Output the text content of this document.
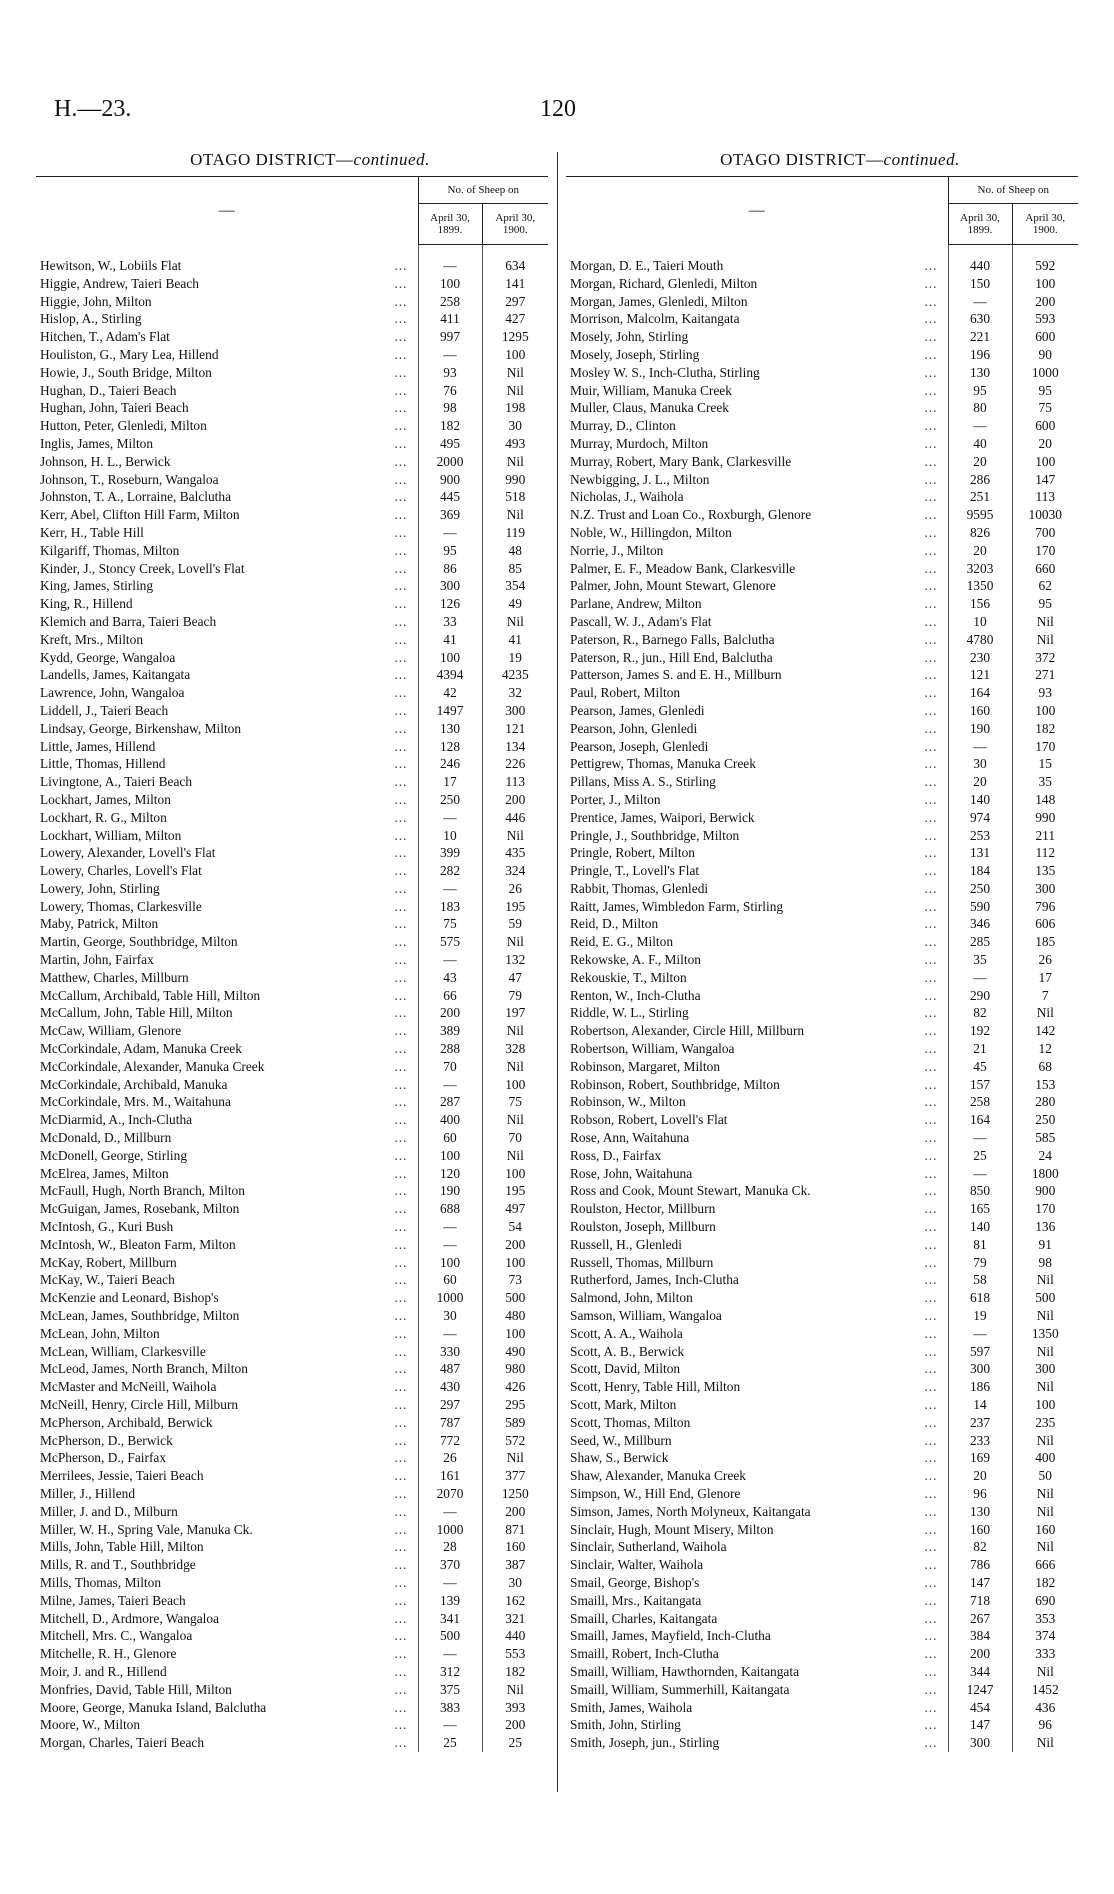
H.—23.	120
OTAGO DISTRICT—continued.
—	No. of Sheep on	
	April 30, 1899.	April 30, 1900.
Hewitson, W., Lobiils Flat ...	—	634
Higgie, Andrew, Taieri Beach ...	100	141
Higgie, John, Milton ...	258	297
Hislop, A., Stirling ...	411	427
Hitchen, T., Adam's Flat ...	997	1295
Houliston, G., Mary Lea, Hillend ...	—	100
Howie, J., South Bridge, Milton ...	93	Nil
Hughan, D., Taieri Beach ...	76	Nil
Hughan, John, Taieri Beach ...	98	198
Hutton, Peter, Glenledi, Milton ...	182	30
Inglis, James, Milton ...	495	493
Johnson, H. L., Berwick ...	2000	Nil
Johnson, T., Roseburn, Wangaloa ...	900	990
Johnston, T. A., Lorraine, Balclutha ...	445	518
Kerr, Abel, Clifton Hill Farm, Milton ...	369	Nil
Kerr, H., Table Hill ...	—	119
Kilgariff, Thomas, Milton ...	95	48
Kinder, J., Stoncy Creek, Lovell's Flat ...	86	85
King, James, Stirling ...	300	354
King, R., Hillend ...	126	49
Klemich and Barra, Taieri Beach ...	33	Nil
Kreft, Mrs., Milton ...	41	41
Kydd, George, Wangaloa ...	100	19
Landells, James, Kaitangata ...	4394	4235
Lawrence, John, Wangaloa ...	42	32
Liddell, J., Taieri Beach ...	1497	300
Lindsay, George, Birkenshaw, Milton ...	130	121
Little, James, Hillend ...	128	134
Little, Thomas, Hillend ...	246	226
Livingtone, A., Taieri Beach ...	17	113
Lockhart, James, Milton ...	250	200
Lockhart, R. G., Milton ...	—	446
Lockhart, William, Milton ...	10	Nil
Lowery, Alexander, Lovell's Flat ...	399	435
Lowery, Charles, Lovell's Flat ...	282	324
Lowery, John, Stirling ...	—	26
Lowery, Thomas, Clarkesville ...	183	195
Maby, Patrick, Milton ...	75	59
Martin, George, Southbridge, Milton ...	575	Nil
Martin, John, Fairfax ...	—	132
Matthew, Charles, Millburn ...	43	47
McCallum, Archibald, Table Hill, Milton ...	66	79
McCallum, John, Table Hill, Milton ...	200	197
McCaw, William, Glenore ...	389	Nil
McCorkindale, Adam, Manuka Creek ...	288	328
McCorkindale, Alexander, Manuka Creek ...	70	Nil
McCorkindale, Archibald, Manuka ...	—	100
McCorkindale, Mrs. M., Waitahuna ...	287	75
McDiarmid, A., Inch-Clutha ...	400	Nil
McDonald, D., Millburn ...	60	70
McDonell, George, Stirling ...	100	Nil
McElrea, James, Milton ...	120	100
McFaull, Hugh, North Branch, Milton ...	190	195
McGuigan, James, Rosebank, Milton ...	688	497
McIntosh, G., Kuri Bush ...	—	54
McIntosh, W., Bleaton Farm, Milton ...	—	200
McKay, Robert, Millburn ...	100	100
McKay, W., Taieri Beach ...	60	73
McKenzie and Leonard, Bishop's ...	1000	500
McLean, James, Southbridge, Milton ...	30	480
McLean, John, Milton ...	—	100
McLean, William, Clarkesville ...	330	490
McLeod, James, North Branch, Milton ...	487	980
McMaster and McNeill, Waihola ...	430	426
McNeill, Henry, Circle Hill, Milburn ...	297	295
McPherson, Archibald, Berwick ...	787	589
McPherson, D., Berwick ...	772	572
McPherson, D., Fairfax ...	26	Nil
Merrilees, Jessie, Taieri Beach ...	161	377
Miller, J., Hillend ...	2070	1250
Miller, J. and D., Milburn ...	—	200
Miller, W. H., Spring Vale, Manuka Ck. ...	1000	871
Mills, John, Table Hill, Milton ...	28	160
Mills, R. and T., Southbridge ...	370	387
Mills, Thomas, Milton ...	—	30
Milne, James, Taieri Beach ...	139	162
Mitchell, D., Ardmore, Wangaloa ...	341	321
Mitchell, Mrs. C., Wangaloa ...	500	440
Mitchelle, R. H., Glenore ...	—	553
Moir, J. and R., Hillend ...	312	182
Monfries, David, Table Hill, Milton ...	375	Nil
Moore, George, Manuka Island, Balclutha ...	383	393
Moore, W., Milton ...	—	200
Morgan, Charles, Taieri Beach ...	25	25
OTAGO DISTRICT—continued.
—	No. of Sheep on	
	April 30, 1899.	April 30, 1900.
Morgan, D. E., Taieri Mouth ...	440	592
Morgan, Richard, Glenledi, Milton ...	150	100
Morgan, James, Glenledi, Milton ...	—	200
Morrison, Malcolm, Kaitangata ...	630	593
Mosely, John, Stirling ...	221	600
Mosely, Joseph, Stirling ...	196	90
Mosley W. S., Inch-Clutha, Stirling ...	130	1000
Muir, William, Manuka Creek ...	95	95
Muller, Claus, Manuka Creek ...	80	75
Murray, D., Clinton ...	—	600
Murray, Murdoch, Milton ...	40	20
Murray, Robert, Mary Bank, Clarkesville ...	20	100
Newbigging, J. L., Milton ...	286	147
Nicholas, J., Waihola ...	251	113
N.Z. Trust and Loan Co., Roxburgh, Glenore ...	9595	10030
Noble, W., Hillingdon, Milton ...	826	700
Norrie, J., Milton ...	20	170
Palmer, E. F., Meadow Bank, Clarkesville ...	3203	660
Palmer, John, Mount Stewart, Glenore ...	1350	62
Parlane, Andrew, Milton ...	156	95
Pascall, W. J., Adam's Flat ...	10	Nil
Paterson, R., Barnego Falls, Balclutha ...	4780	Nil
Paterson, R., jun., Hill End, Balclutha ...	230	372
Patterson, James S. and E. H., Millburn ...	121	271
Paul, Robert, Milton ...	164	93
Pearson, James, Glenledi ...	160	100
Pearson, John, Glenledi ...	190	182
Pearson, Joseph, Glenledi ...	—	170
Pettigrew, Thomas, Manuka Creek ...	30	15
Pillans, Miss A. S., Stirling ...	20	35
Porter, J., Milton ...	140	148
Prentice, James, Waipori, Berwick ...	974	990
Pringle, J., Southbridge, Milton ...	253	211
Pringle, Robert, Milton ...	131	112
Pringle, T., Lovell's Flat ...	184	135
Rabbit, Thomas, Glenledi ...	250	300
Raitt, James, Wimbledon Farm, Stirling ...	590	796
Reid, D., Milton ...	346	606
Reid, E. G., Milton ...	285	185
Rekowske, A. F., Milton ...	35	26
Rekouskie, T., Milton ...	—	17
Renton, W., Inch-Clutha ...	290	7
Riddle, W. L., Stirling ...	82	Nil
Robertson, Alexander, Circle Hill, Millburn ...	192	142
Robertson, William, Wangaloa ...	21	12
Robinson, Margaret, Milton ...	45	68
Robinson, Robert, Southbridge, Milton ...	157	153
Robinson, W., Milton ...	258	280
Robson, Robert, Lovell's Flat ...	164	250
Rose, Ann, Waitahuna ...	—	585
Ross, D., Fairfax ...	25	24
Rose, John, Waitahuna ...	—	1800
Ross and Cook, Mount Stewart, Manuka Ck. ...	850	900
Roulston, Hector, Millburn ...	165	170
Roulston, Joseph, Millburn ...	140	136
Russell, H., Glenledi ...	81	91
Russell, Thomas, Millburn ...	79	98
Rutherford, James, Inch-Clutha ...	58	Nil
Salmond, John, Milton ...	618	500
Samson, William, Wangaloa ...	19	Nil
Scott, A. A., Waihola ...	—	1350
Scott, A. B., Berwick ...	597	Nil
Scott, David, Milton ...	300	300
Scott, Henry, Table Hill, Milton ...	186	Nil
Scott, Mark, Milton ...	14	100
Scott, Thomas, Milton ...	237	235
Seed, W., Millburn ...	233	Nil
Shaw, S., Berwick ...	169	400
Shaw, Alexander, Manuka Creek ...	20	50
Simpson, W., Hill End, Glenore ...	96	Nil
Simson, James, North Molyneux, Kaitangata ...	130	Nil
Sinclair, Hugh, Mount Misery, Milton ...	160	160
Sinclair, Sutherland, Waihola ...	82	Nil
Sinclair, Walter, Waihola ...	786	666
Smail, George, Bishop's ...	147	182
Smaill, Mrs., Kaitangata ...	718	690
Smaill, Charles, Kaitangata ...	267	353
Smaill, James, Mayfield, Inch-Clutha ...	384	374
Smaill, Robert, Inch-Clutha ...	200	333
Smaill, William, Hawthornden, Kaitangata ...	344	Nil
Smaill, William, Summerhill, Kaitangata ...	1247	1452
Smith, James, Waihola ...	454	436
Smith, John, Stirling ...	147	96
Smith, Joseph, jun., Stirling ...	300	Nil
